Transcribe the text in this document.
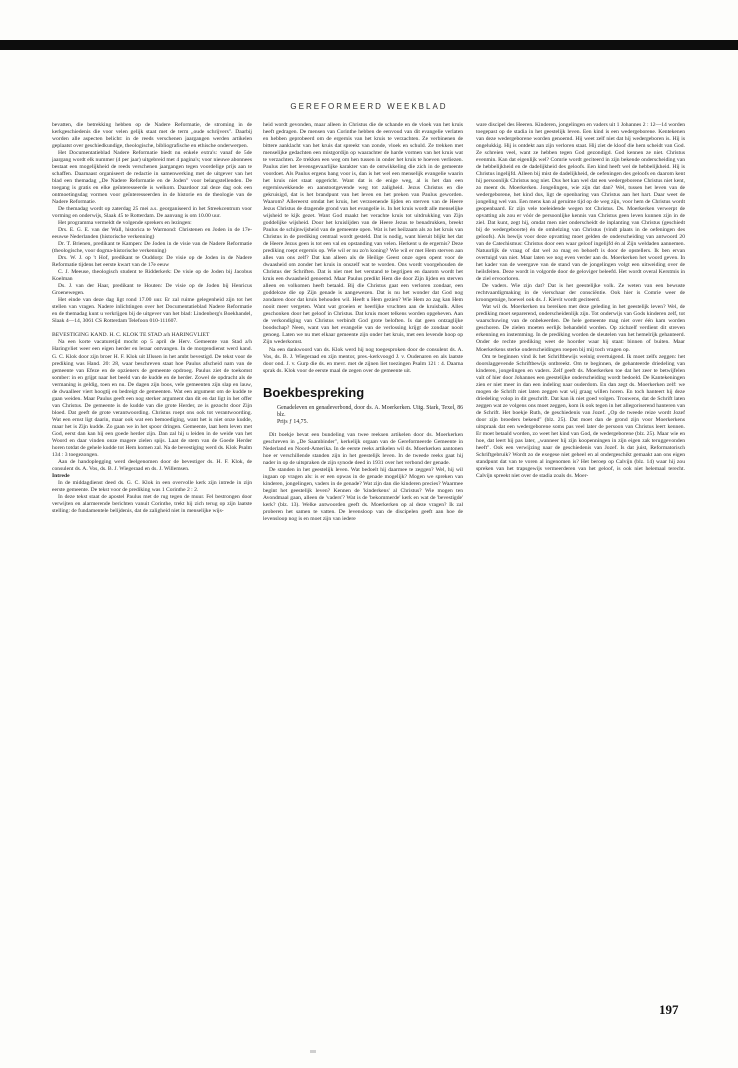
GEREFORMEERD WEEKBLAD

bevatten, die betrekking hebben op de Nadere Reformatie, de stroming in de kerkgeschiedenis die voor velen gelijk staat met de term „oude schrijvers". Daarbij worden alle aspecten belicht: in de reeds verschenen jaargangen werden artikelen geplaatst over geschiedkundige, theologische, bibliografische en ethische onderwerpen.

Het Documentatieblad Nadere Reformatie biedt nu enkele extra's: vanaf de 5de jaargang wordt elk nummer (4 per jaar) uitgebreid met 4 pagina's; voor nieuwe abonnees bestaat een mogelijkheid de reeds verschenen jaargangen tegen voordelige prijs aan te schaffen. Daarnaast organiseert de redactie in samenwerking met de uitgever van het blad een themadag „De Nadere Reformatie en de Joden" voor belangstellenden. De toegang is gratis en elke geïnteresseerde is welkom. Daardoor zal deze dag ook een ontmoetingsdag vormen voor geïnteresseerden in de historie en de theologie van de Nadere Reformatie.

De themadag wordt op zaterdag 25 mei a.s. georganiseerd in het Streekcentrum voor vorming en onderwijs, Slaak 45 te Rotterdam. De aanvang is om 10.00 uur.

Het programma vermeldt de volgende sprekers en lezingen:

Drs. E. G. E. van der Wall, historica te Warmond: Christenen en Joden in de 17e-eeuwse Nederlanden (historische verkenning)

Dr. T. Brienen, predikant te Kampen: De Joden in de visie van de Nadere Reformatie (theologische, voor dogma-historische verkenning)

Drs. W. J. op 't Hof, predikant te Ouddorp: De visie op de Joden in de Nadere Reformatie tijdens het eerste kwart van de 17e eeuw

C. J. Meeuse, theologisch student te Ridderkerk: De visie op de Joden bij Jacobus Koelman

Ds. J. van der Haar, predikant te Houten: De visie op de Joden bij Henricus Groenewegen.

Het einde van deze dag ligt rond 17.00 uur. Er zal ruime gelegenheid zijn tot het stellen van vragen. Nadere inlichtingen over het Documentatieblad Nadere Reformatie en de themadag kunt u verkrijgen bij de uitgever van het blad: Lindenberg's Boekhandel, Slaak 4—14, 3061 CS Rotterdam Telefoon 010-111607.

BEVESTIGING KAND. H. C. KLOK TE STAD a/h HARINGVLIET

Na een korte vacaturetijd mocht op 5 april de Herv. Gemeente van Stad a/h Haringvliet weer een eigen herder en leraar ontvangen. In de morgendienst werd kand. G. C. Klok door zijn broer H. F. Klok uit IJlssen in het ambt bevestigd. De tekst voor de prediking was Hand. 20: 28, waar beschreven staat hoe Paulus afscheid nam van de gemeente van Efeze en de opzieners de gemeente opdroeg. Paulus ziet de toekomst somber: in en grijpt naar het beeld van de kudde en de herder. Zowel de opdracht als de vermaning is geldig, toen en nu. De dagen zijn boos, vele gemeenten zijn slap en lauw, de dwaalleer viert hoogtij en bedreigt de gemeenten. Wat een argument om de kudde te gaan weiden. Maar Paulus geeft een nog sterker argument dan dit en dat ligt in het offer van Christus. De gemeente is de kudde van die grote Herder, ze is gezocht door Zijn bloed. Dat geeft de grote verantwoording. Christus roept ons ook tot verantwoording. Wat een ernst ligt daarin, maar ook wat een bemoediging, want het is niet onze kudde, maar het is Zijn kudde. Zo gaan we in het spoor dringen. Gemeente, laat hem leven met God, eerst dan kan hij een goede herder zijn. Dan zal hij u leiden in de weide van het Woord en daar vinden onze magere zielen spijs. Laat de stem van de Goede Herder horen totdat de gehele kudde tot Hem komen zal. Na de bevestiging werd ds. Klok Psalm 134 : 3 toegezongen.

Aan de handoplegging werd deelgenomen door de bevestiger ds. H. F. Klok, de consulent ds. A. Vos, ds. B. J. Wiegeraad en ds. J. Willemsen.

Intrede

In de middagdienst deed ds. G. C. Klok in een overvolle kerk zijn intrede in zijn eerste gemeente. De tekst voor de prediking was 1 Corinthe 2 : 2.

In deze tekst staat de apostel Paulus met de rug tegen de muur. Fel bestrongen door verwijten en alarmerende berichten vanuit Corinthe, trekt hij zich terug op zijn laatste stelling: de fundamentele belijdenis, dat de zaligheid niet in menselijke wijs-

heid wordt gevonden, maar alleen in Christus die de schande en de vloek van het kruis heeft gedragen. De mensen van Corinthe hebben de eenvoud van dit evangelie verlaten en hebben geprobeerd om de ergernis van het kruis te verzachten. Ze verbinenen de bittere aanklacht van het kruis dat spreekt van zonde, vloek en schuld. Ze trekken met menselijke gedachten een mistgordijn op waarachter de harde vormen van het kruis wat te verzachten. Ze trekken een weg om hen tussen in onder het kruis te hoeven verliezen. Paulus ziet het levensgevaarlijke karakter van de ontwikkeling die zich in de gemeente voordoet. Als Paulus ergens bang voor is, dan is het wel een menselijk evangelie waarin het kruis niet staat opgericht. Want dat is de enige weg, al is het dan een ergerniswekkende en aanstootgevende weg tot zaligheid. Jezus Christus en die gekruisigd, dat is het brandpunt van het leven en het preken van Paulus geworden. Waarom? Allereerst omdat het kruis, het verzoenende lijden en sterven van de Heere Jezus Christus de dragende grond van het evangelie is. In het kruis wordt alle menselijke wijsheid te kijk gezet. Want God maakt het verachte kruis tot uitdrukking van Zijn goddelijke wijsheid. Door het kruislijden van de Heere Jezus te benadrukken, breekt Paulus de schijnwijsheid van de gemeente open. Wat is het heilzaam als zo het kruis van Christus in de prediking centraal wordt gesteld. Dat is nodig, want hieruit blijkt het dat de Heere Jezus geen is tot een val en opstanding van velen. Herkent u de ergernis? Deze prediking roept ergernis op. Wie wil er nu zo'n koning? Wie wil er met Hem sterven aan alles van ons zelf? Dat kan alleen als de Heilige Geest onze ogen opent voor de dwaasheid om zonder het kruis in onszelf wat te worden. Ons wordt voorgehouden de Christus der Schriften. Dat is niet met het verstand te begrijpen en daarom wordt het kruis een dwaasheid genoemd. Maar Paulus predikt Hem die door Zijn lijden en sterven alleen en volkomen heeft betaald. Bij die Christus gaat een verloren zondaar, een goddeloze die op Zijn genade is aangewezen. Dat is nu het wonder dat God nog zondaren door dat kruis behouden wil. Heeft u Hem gezien? Wie Hem zo zag kan Hem nooit meer vergeten. Want wat groeien er heerlijke vruchten aan de kruisbalk. Alles geschonken door het geloof in Christus. Dat kruis moet telkens worden opgeheven. Aan de verkondiging van Christus verbindt God grote beloften. Is dat geen ontzaglijke boodschap? Neen, want van het evangelie van de verlossing krijgt de zondaar nooit genoeg. Laten we nu met elkaar gemeente zijn onder het kruis, met een levende hoop op Zijn wederkomst.

Na een dankwoord van ds. Klok werd hij nog toegesproken door de consulent ds. A. Vos, ds. B. J. Wiegeraad en zijn mentor, pres.-kerkvoogd J. v. Oudenaren en als laatste door ond. J. v. Gurp die ds. en mevr. met de zijnen liet toezingen Psalm 121 : 4. Daarna sprak ds. Klok voor de eerste maal de zegen over de gemeente uit.

Boekbespreking
Genadeleven en genadeverbond, door ds. A. Moerkerken. Uitg. Stark, Texel, 86 blz.
Prijs ƒ 14,75.

Dit boekje bevat een bundeling van twee reeksen artikelen door ds. Moerkerken geschreven in „De Saambinder", kerkelijk orgaan van de Gereformeerde Gemeente in Nederland en Noord-Amerika. In de eerste reeks artikelen wil ds. Moerkerken aantonen hoe er verschillende standen zijn in het geestelijk leven. In de tweede reeks gaat hij nader in op de uitspraken de zijn synode deed in 1931 over het verbond der genade.

De standen in het geestelijk leven. Wat bedoelt hij daarmee te zeggen? Wel, hij wil ingaan op vragen als: is er een opwas in de genade mogelijk? Mogen we spreken van kinderen, jongelingen, vaders in de genade? Wat zijn dan die kinderen precies? Waarmee begint het geestelijk leven? Kennen de 'kinderkens' al Christus? Wie mogen ten Avondmaal gaan, alleen de 'vaders'? Wat is de 'bekommerde' kerk en wat de 'bevestigde' kerk? (blz. 13). Welke antwoorden geeft ds. Moerkerken op al deze vragen? Ik zal proberen het samen te vatten. De levensloop van de discipelen geeft aan hoe de levensloop nog is en moet zijn van iedere

ware discipel des Heeren. Kinderen, jongelingen en vaders uit 1 Johannes 2 : 12—14 worden toegepast op de stadia in het geestelijk leven. Een kind is een wedergeborene. Kentekenen van deze wedergeborene worden genoemd. Hij weet zelf niet dat hij wedergeboren is. Hij is ongelukkig. Hij is ontdekt aan zijn verloren staat. Hij ziet de kloof die hem scheidt van God. Ze schreien veel, want ze hebben tegen God gezondigd. God kennen ze niet. Christus evenmin. Kan dat eigenlijk wel? Comrie wordt geciteerd in zijn bekende onderscheiding van de hebbelijkheid en de dadelijkheid des geloofs. Een kind heeft wel de hebbelijkheid. Hij is Christus ingelijfd. Alleen bij mist de dadelijkheid, de oefeningen des geloofs en daarom kent hij persoonlijk Christus nog niet. Dus het kan wel dat een wedergeborene Christus niet kent, zo meent ds. Moerkerken. Jongelingen, wie zijn dat dan? Wel, tussen het leven van de wedergeborene, het kind dus, ligt de openbaring van Christus aan het hart. Daar weet de jongeling wel van. Een mens kan al geruime tijd op de weg zijn, voor hem de Christus wordt geopenbaard. Er zijn vele toeleidende wegen tot Christus. Ds. Moerkerken verwerpt de opvatting als zou er vóór de persoonlijke kennis van Christus geen leven kunnen zijn in de ziel. Dat kunt, zegt hij, omdat men niet onderscheidt de inplanting van Christus (geschiedt bij de wedergeboorte) én de omhelzing van Christus (vindt plaats in de oefeningen des geloofs). Als bewijs voor deze opvatting moet gelden de onderscheiding van antwoord 20 van de Catechismus: Christus door een waar geloof ingelijfd én al Zijn weldaden aannemen. Natuurlijk de vraag of dat wel zo mag en behoeft is door de opstellers. Ik ben ervan overtuigd van niet. Maar laten we nog even verder aan ds. Moerkerken het woord geven. In het kader van de weergave van de stand van de jongelingen volgt een uitweiding over de heilsfeiten. Deze wordt in volgorde door de geloviger beleefd. Het wordt overal Kerstmis in de ziel ervoorloren.

De vaders. Wie zijn dat? Dat is het geestelijke volk. Ze weten van een bewuste rechtvaardigmaking in de vierschaar der consciëntie. Ook hier is Comrie weer de kroongetuige, hoewel ook ds. J. Kievit wordt geciteerd.

Wat wil ds. Moerkerken nu bereiken met deze geleding in het geestelijk leven? Wel, de prediking moet separerend, onderscheidenlijk zijn. Tot onderwijs van Gods kinderen zelf, tot waarschuwing van de onbekeerden. De hele gemeente mag niet over één kam worden geschoren. De zielen moeten eerlijk behandeld worden. Op zichzelf verdient dit streven erkenning en instemming. In de prediking worden de sleutelen van het hemelrijk gehanteerd. Onder de rechte prediking weet de hoorder waar hij staat: binnen of buiten. Maar Moerkerkens sterke onderscheidingen roepen bij mij toch vragen op.

Om te beginnen vind ik het Schriftbewijs weinig overtuigend. Ik moet zelfs zeggen: het doorslaggevende Schriftbewijs ontbreekt. Om te beginnen, de gehanteerde driedeling van kinderen, jongelingen en vaders. Zelf geeft ds. Moerkerken toe dat het zeer te betwijfelen valt of hier door Johannes een geestelijke onderscheiding wordt bedoeld. De Kantekeningen zien er niet meer in dan een indeling naar ouderdom. En dan zegt ds. Moerkerken zelf: we mogen de Schrift niet laten zeggen wat wij graag willen horen. En toch hanteert hij deze driedeling volop in dit geschrift. Dat kan ik niet goed volgen. Trouwens, dat de Schrift laten zeggen wat ze volgens ons moet zeggen, kom ik ook tegen in het allegoriserend hanteren van de Schrift. Het boekje Ruth, de geschiedenis van Jozef. „Op de tweede reize wordt Jozef door zijn broeders bekend" (blz. 25). Dat moet dan de grond zijn voor Moerkerkens uitspraak dat een wedergeborene soms pas veel later de persoon van Christus leert kennen. Er moet betaald worden, zo weet het kind van God, de wedergeborene (blz. 25). Maar wie en hoe, dat leert hij pas later, „wanneer hij zijn koopenningen in zijn eigen zak teruggevonden heeft". Ook een verwijzing naar de geschiedenis van Jozef. Is dat juist, Reformatorisch Schriftgebruik? Wordt zo de exegese niet geheel en al ondergeschikt gemaakt aan ons eigen standpunt dat van te voren al ingenomen is? Het beroep op Calvijn (blz. 14) waar hij zou spreken van het trapsgewijs vermeerderen van het geloof, is ook niet helemaal terecht. Calvijn spreekt niet over de stadia zoals ds. Moer-

197
